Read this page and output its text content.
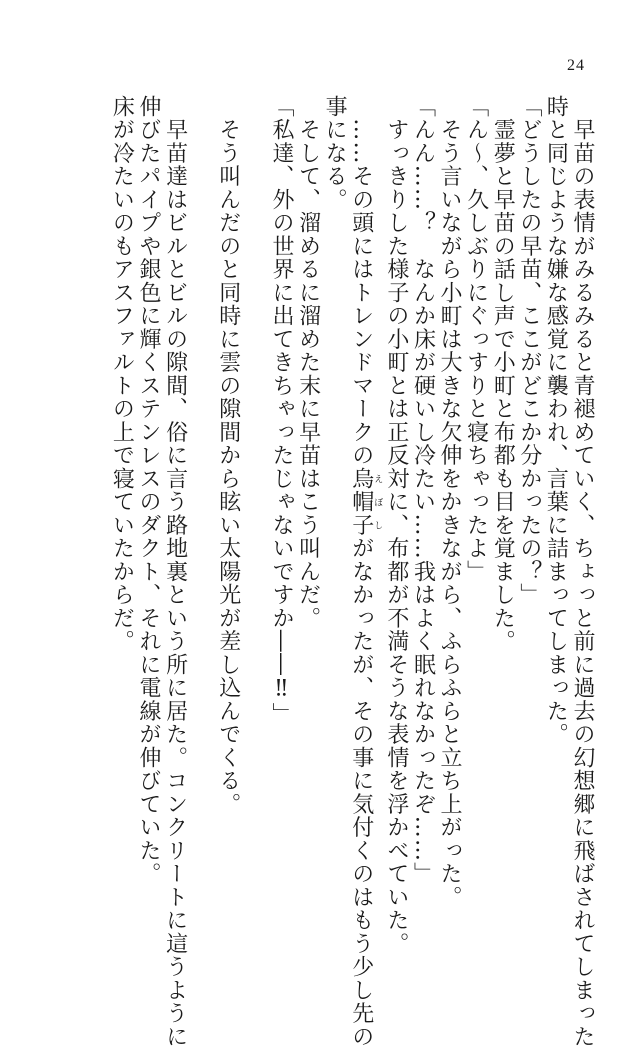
24

　早苗の表情がみるみると青褪めていく、ちょっと前に過去の幻想郷に飛ばされてしまった

時と同じような嫌な感覚に襲われ、言葉に詰まってしまった。

「どうしたの早苗、ここがどこか分かったの？」

　霊夢と早苗の話し声で小町と布都も目を覚ました。

「ん〜、久しぶりにぐっすりと寝ちゃったよ」

　そう言いながら小町は大きな欠伸をかきながら、ふらふらと立ち上がった。

「んん……？　なんか床が硬いし冷たい……我はよく眠れなかったぞ……」

　すっきりした様子の小町とは正反対に、布都が不満そうな表情を浮かべていた。

　……その頭にはトレンドマークの烏帽子えぼしがなかったが、その事に気付くのはもう少し先の

事になる。

　そして、溜めるに溜めた末に早苗はこう叫んだ。

「私達、外の世界に出てきちゃったじゃないですか――‼」

　そう叫んだのと同時に雲の隙間から眩い太陽光が差し込んでくる。

　早苗達はビルとビルの隙間、俗に言う路地裏という所に居た。コンクリートに這うように

伸びたパイプや銀色に輝くステンレスのダクト、それに電線が伸びていた。

床が冷たいのもアスファルトの上で寝ていたからだ。
